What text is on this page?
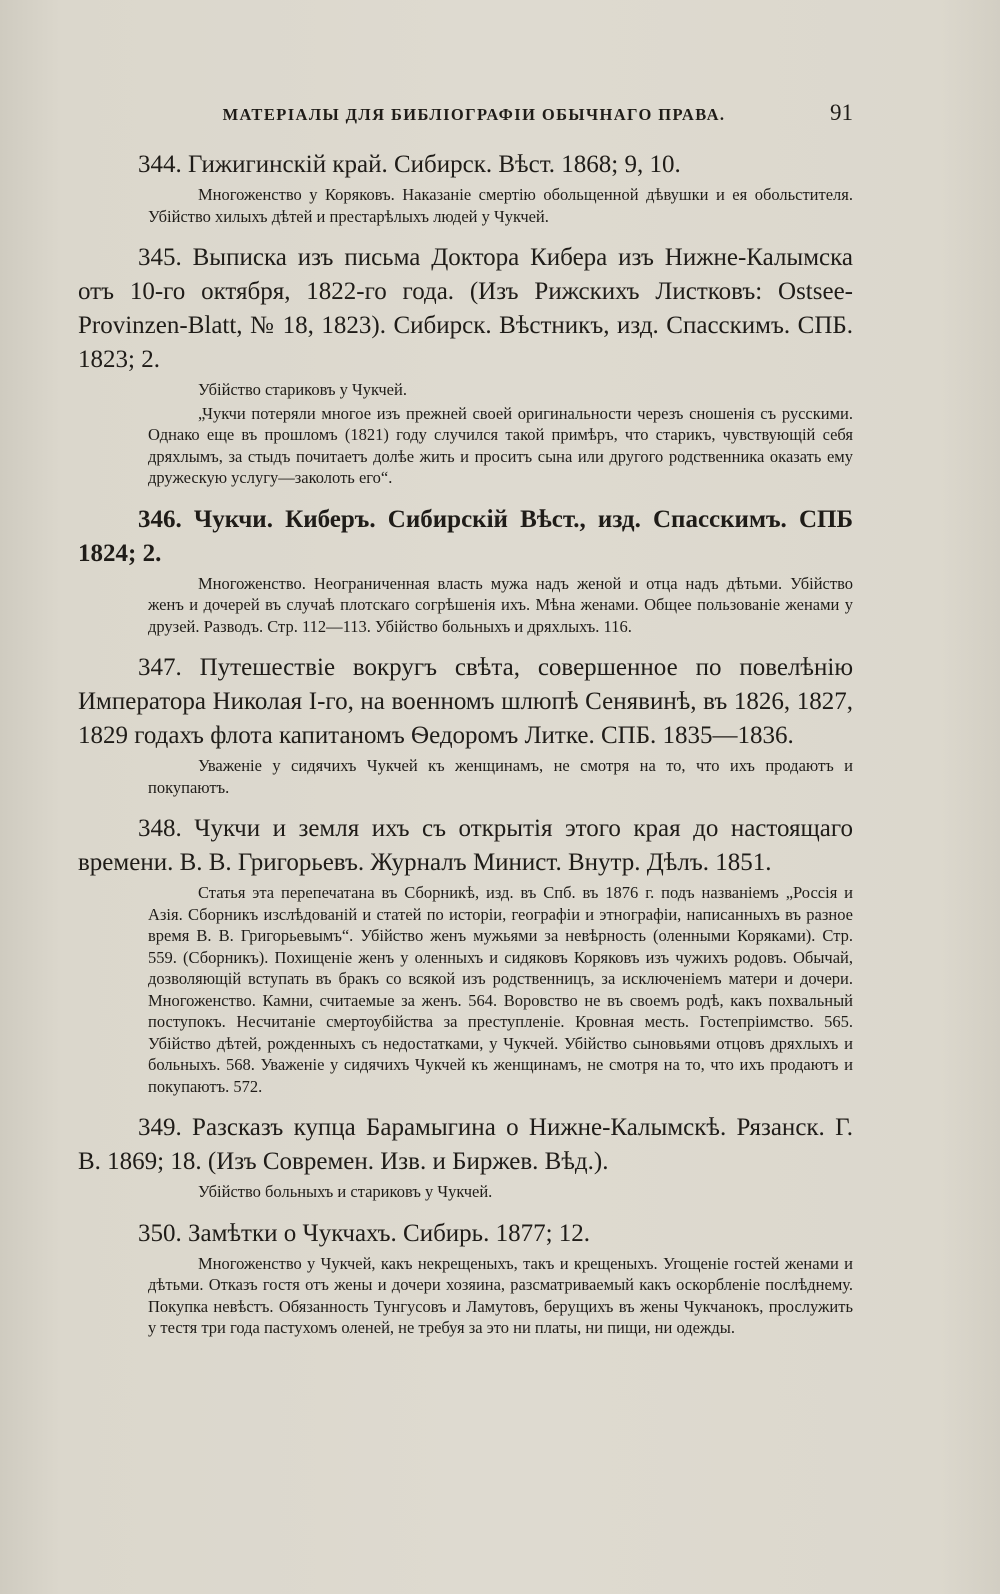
МАТЕРІАЛЫ ДЛЯ БИБЛІОГРАФІИ ОБЫЧНАГО ПРАВА.	91

344. Гижигинскій край. Сибирск. Вѣст. 1868; 9, 10.

Многоженство у Коряковъ. Наказаніе смертію обольщенной дѣвушки и ея обольстителя. Убійство хилыхъ дѣтей и престарѣлыхъ людей у Чукчей.

345. Выписка изъ письма Доктора Кибера изъ Нижне-Калымска отъ 10-го октября, 1822-го года. (Изъ Рижскихъ Листковъ: Ostsee-Provinzen-Blatt, № 18, 1823). Сибирск. Вѣстникъ, изд. Спасскимъ. СПБ. 1823; 2.

Убійство стариковъ у Чукчей.

„Чукчи потеряли многое изъ прежней своей оригинальности черезъ сношенія съ русскими. Однако еще въ прошломъ (1821) году случился такой примѣръ, что старикъ, чувствующій себя дряхлымъ, за стыдъ почитаетъ долѣе жить и проситъ сына или другого родственника оказать ему дружескую услугу—заколоть его“.

346. Чукчи. Киберъ. Сибирскій Вѣст., изд. Спасскимъ. СПБ 1824; 2.

Многоженство. Неограниченная власть мужа надъ женой и отца надъ дѣтьми. Убійство женъ и дочерей въ случаѣ плотскаго согрѣшенія ихъ. Мѣна женами. Общее пользованіе женами у друзей. Разводъ. Стр. 112—113. Убійство больныхъ и дряхлыхъ. 116.

347. Путешествіе вокругъ свѣта, совершенное по повелѣнію Императора Николая І-го, на военномъ шлюпѣ Сенявинѣ, въ 1826, 1827, 1829 годахъ флота капитаномъ Ѳедоромъ Литке. СПБ. 1835—1836.

Уваженіе у сидячихъ Чукчей къ женщинамъ, не смотря на то, что ихъ продаютъ и покупаютъ.

348. Чукчи и земля ихъ съ открытія этого края до настоящаго времени. В. В. Григорьевъ. Журналъ Минист. Внутр. Дѣлъ. 1851.

Статья эта перепечатана въ Сборникѣ, изд. въ Спб. въ 1876 г. подъ названіемъ „Россія и Азія. Сборникъ изслѣдованій и статей по исторіи, географіи и этнографіи, написанныхъ въ разное время В. В. Григорьевымъ“. Убійство женъ мужьями за невѣрность (оленными Коряками). Стр. 559. (Сборникъ). Похищеніе женъ у оленныхъ и сидяковъ Коряковъ изъ чужихъ родовъ. Обычай, дозволяющій вступать въ бракъ со всякой изъ родственницъ, за исключеніемъ матери и дочери. Многоженство. Камни, считаемые за женъ. 564. Воровство не въ своемъ родѣ, какъ похвальный поступокъ. Несчитаніе смертоубійства за преступленіе. Кровная месть. Гостепріимство. 565. Убійство дѣтей, рожденныхъ съ недостатками, у Чукчей. Убійство сыновьями отцовъ дряхлыхъ и больныхъ. 568. Уваженіе у сидячихъ Чукчей къ женщинамъ, не смотря на то, что ихъ продаютъ и покупаютъ. 572.

349. Разсказъ купца Барамыгина о Нижне-Калымскѣ. Рязанск. Г. В. 1869; 18. (Изъ Современ. Изв. и Биржев. Вѣд.).

Убійство больныхъ и стариковъ у Чукчей.

350. Замѣтки о Чукчахъ. Сибирь. 1877; 12.

Многоженство у Чукчей, какъ некрещеныхъ, такъ и крещеныхъ. Угощеніе гостей женами и дѣтьми. Отказъ гостя отъ жены и дочери хозяина, разсматриваемый какъ оскорбленіе послѣднему. Покупка невѣстъ. Обязанность Тунгусовъ и Ламутовъ, берущихъ въ жены Чукчанокъ, прослужить у тестя три года пастухомъ оленей, не требуя за это ни платы, ни пищи, ни одежды.
